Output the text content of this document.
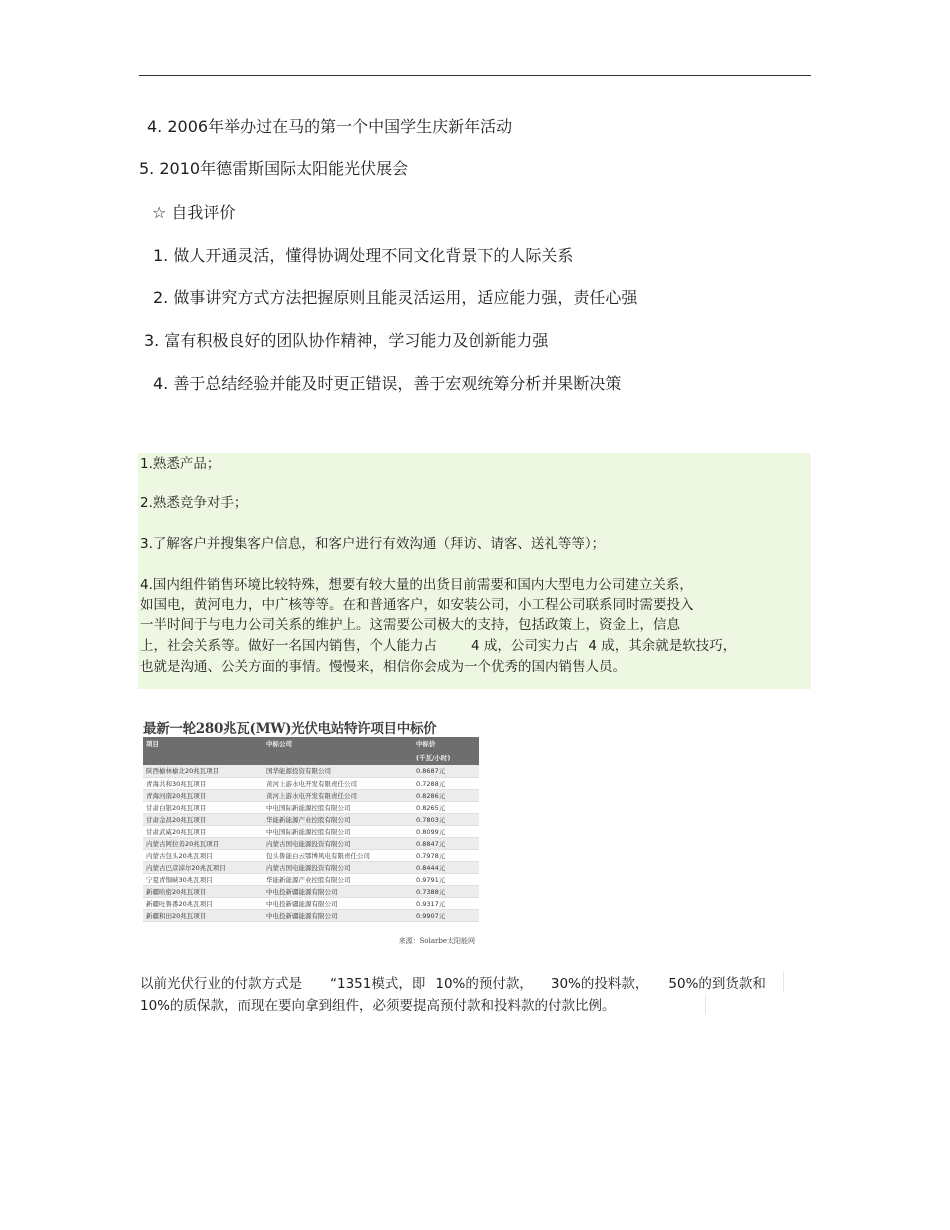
4. 2006年举办过在马的第一个中国学生庆新年活动
5. 2010年德雷斯国际太阳能光伏展会
☆ 自我评价
1. 做人开通灵活，懂得协调处理不同文化背景下的人际关系
2. 做事讲究方式方法把握原则且能灵活运用，适应能力强，责任心强
3. 富有积极良好的团队协作精神，学习能力及创新能力强
4. 善于总结经验并能及时更正错误，善于宏观统筹分析并果断决策
1.熟悉产品；
2.熟悉竞争对手；
3.了解客户并搜集客户信息，和客户进行有效沟通（拜访、请客、送礼等等）；
4.国内组件销售环境比较特殊，想要有较大量的出货目前需要和国内大型电力公司建立关系，
如国电，黄河电力，中广核等等。在和普通客户，如安装公司，小工程公司联系同时需要投入
一半时间于与电力公司关系的维护上。这需要公司极大的支持，包括政策上，资金上，信息
上，社会关系等。做好一名国内销售，个人能力占	4 成，公司实力占 4 成，其余就是软技巧，
也就是沟通、公关方面的事情。慢慢来，相信你会成为一个优秀的国内销售人员。
最新一轮280兆瓦(MW)光伏电站特许项目中标价
项目	中标公司	中标价
		(千瓦/小时)
陕西榆林榆北20兆瓦项目	国华能源投资有限公司	0.8687元
青海共和30兆瓦项目	黄河上游水电开发有限责任公司	0.7288元
青海河南20兆瓦项目	黄河上游水电开发有限责任公司	0.8286元
甘肃白银20兆瓦项目	中电国际新能源控股有限公司	0.8265元
甘肃金昌20兆瓦项目	华能新能源产业控股有限公司	0.7803元
甘肃武威20兆瓦项目	中电国际新能源控股有限公司	0.8099元
内蒙古阿拉善20兆瓦项目	内蒙古国电能源投资有限公司	0.8847元
内蒙古包头20兆瓦项目	包头鲁能白云鄂博风电有限责任公司	0.7978元
内蒙古巴彦淖尔20兆瓦项目	内蒙古国电能源投资有限公司	0.8444元
宁夏青铜峡30兆瓦项目	华能新能源产业控股有限公司	0.9791元
新疆哈密20兆瓦项目	中电投新疆能源有限公司	0.7388元
新疆吐鲁番20兆瓦项目	中电投新疆能源有限公司	0.9317元
新疆和田20兆瓦项目	中电投新疆能源有限公司	0.9907元
来源：Solarbe太阳能网
以前光伏行业的付款方式是 “1351模式，即 10%的预付款， 30%的投料款， 50%的到货款和
10%的质保款，而现在要向拿到组件，必须要提高预付款和投料款的付款比例。
